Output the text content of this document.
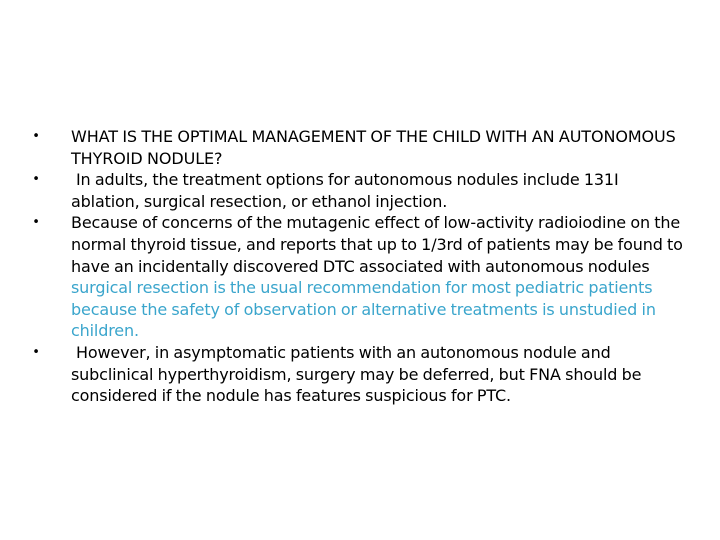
• WHAT IS THE OPTIMAL MANAGEMENT OF THE CHILD WITH AN AUTONOMOUS THYROID NODULE?
• In adults, the treatment options for autonomous nodules include 131I ablation, surgical resection, or ethanol injection.
• Because of concerns of the mutagenic effect of low-activity radioiodine on the normal thyroid tissue, and reports that up to 1/3rd of patients may be found to have an incidentally discovered DTC associated with autonomous nodules surgical resection is the usual recommendation for most pediatric patients because the safety of observation or alternative treatments is unstudied in children.
• However, in asymptomatic patients with an autonomous nodule and subclinical hyperthyroidism, surgery may be deferred, but FNA should be considered if the nodule has features suspicious for PTC.
